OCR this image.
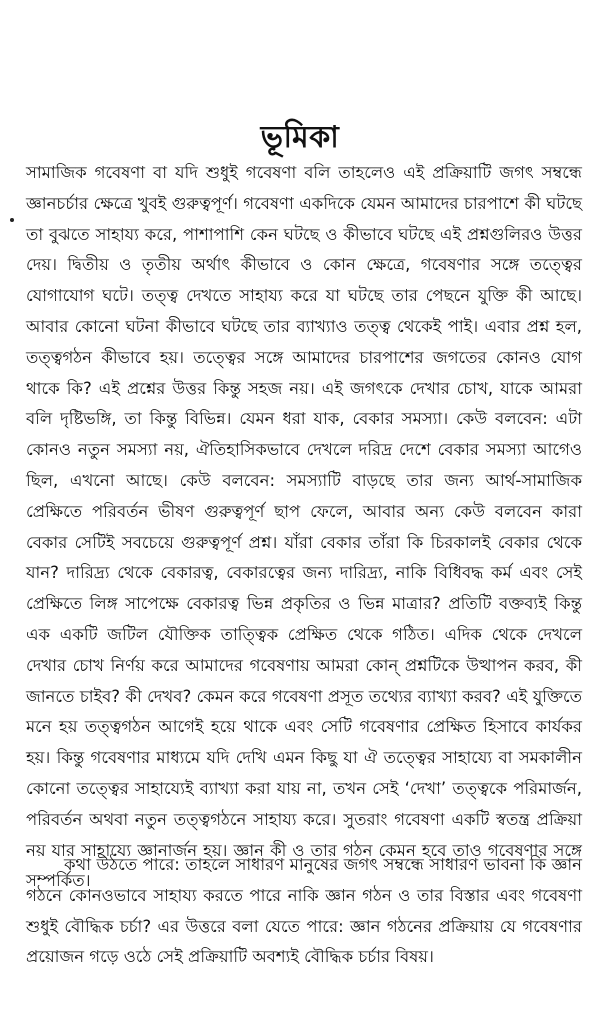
ভূমিকা

সামাজিক গবেষণা বা যদি শুধুই গবেষণা বলি তাহলেও এই প্রক্রিয়াটি জগৎ সম্বন্ধে জ্ঞানচর্চার ক্ষেত্রে খুবই গুরুত্বপূর্ণ। গবেষণা একদিকে যেমন আমাদের চারপাশে কী ঘটছে তা বুঝতে সাহায্য করে, পাশাপাশি কেন ঘটছে ও কীভাবে ঘটছে এই প্রশ্নগুলিরও উত্তর দেয়। দ্বিতীয় ও তৃতীয় অর্থাৎ কীভাবে ও কোন ক্ষেত্রে, গবেষণার সঙ্গে তত্ত্বের যোগাযোগ ঘটে। তত্ত্ব দেখতে সাহায্য করে যা ঘটছে তার পেছনে যুক্তি কী আছে। আবার কোনো ঘটনা কীভাবে ঘটছে তার ব্যাখ্যাও তত্ত্ব থেকেই পাই। এবার প্রশ্ন হল, তত্ত্বগঠন কীভাবে হয়। তত্ত্বের সঙ্গে আমাদের চারপাশের জগতের কোনও যোগ থাকে কি? এই প্রশ্নের উত্তর কিন্তু সহজ নয়। এই জগৎকে দেখার চোখ, যাকে আমরা বলি দৃষ্টিভঙ্গি, তা কিন্তু বিভিন্ন। যেমন ধরা যাক, বেকার সমস্যা। কেউ বলবেন: এটা কোনও নতুন সমস্যা নয়, ঐতিহাসিকভাবে দেখলে দরিদ্র দেশে বেকার সমস্যা আগেও ছিল, এখনো আছে। কেউ বলবেন: সমস্যাটি বাড়ছে তার জন্য আর্থ-সামাজিক প্রেক্ষিতে পরিবর্তন ভীষণ গুরুত্বপূর্ণ ছাপ ফেলে, আবার অন্য কেউ বলবেন কারা বেকার সেটিই সবচেয়ে গুরুত্বপূর্ণ প্রশ্ন। যাঁরা বেকার তাঁরা কি চিরকালই বেকার থেকে যান? দারিদ্র্য থেকে বেকারত্ব, বেকারত্বের জন্য দারিদ্র্য, নাকি বিধিবদ্ধ কর্ম এবং সেই প্রেক্ষিতে লিঙ্গ সাপেক্ষে বেকারত্ব ভিন্ন প্রকৃতির ও ভিন্ন মাত্রার? প্রতিটি বক্তব্যই কিন্তু এক একটি জটিল যৌক্তিক তাত্ত্বিক প্রেক্ষিত থেকে গঠিত। এদিক থেকে দেখলে দেখার চোখ নির্ণয় করে আমাদের গবেষণায় আমরা কোন্ প্রশ্নটিকে উত্থাপন করব, কী জানতে চাইব? কী দেখব? কেমন করে গবেষণা প্রসূত তথ্যের ব্যাখ্যা করব? এই যুক্তিতে মনে হয় তত্ত্বগঠন আগেই হয়ে থাকে এবং সেটি গবেষণার প্রেক্ষিত হিসাবে কার্যকর হয়। কিন্তু গবেষণার মাধ্যমে যদি দেখি এমন কিছু যা ঐ তত্ত্বের সাহায্যে বা সমকালীন কোনো তত্ত্বের সাহায্যেই ব্যাখ্যা করা যায় না, তখন সেই ‘দেখা’ তত্ত্বকে পরিমার্জন, পরিবর্তন অথবা নতুন তত্ত্বগঠনে সাহায্য করে। সুতরাং গবেষণা একটি স্বতন্ত্র প্রক্রিয়া নয় যার সাহায্যে জ্ঞানার্জন হয়। জ্ঞান কী ও তার গঠন কেমন হবে তাও গবেষণার সঙ্গে সম্পর্কিত।

কথা উঠতে পারে: তাহলে সাধারণ মানুষের জগৎ সম্বন্ধে সাধারণ ভাবনা কি জ্ঞান গঠনে কোনওভাবে সাহায্য করতে পারে নাকি জ্ঞান গঠন ও তার বিস্তার এবং গবেষণা শুধুই বৌদ্ধিক চর্চা? এর উত্তরে বলা যেতে পারে: জ্ঞান গঠনের প্রক্রিয়ায় যে গবেষণার প্রয়োজন গড়ে ওঠে সেই প্রক্রিয়াটি অবশ্যই বৌদ্ধিক চর্চার বিষয়।
